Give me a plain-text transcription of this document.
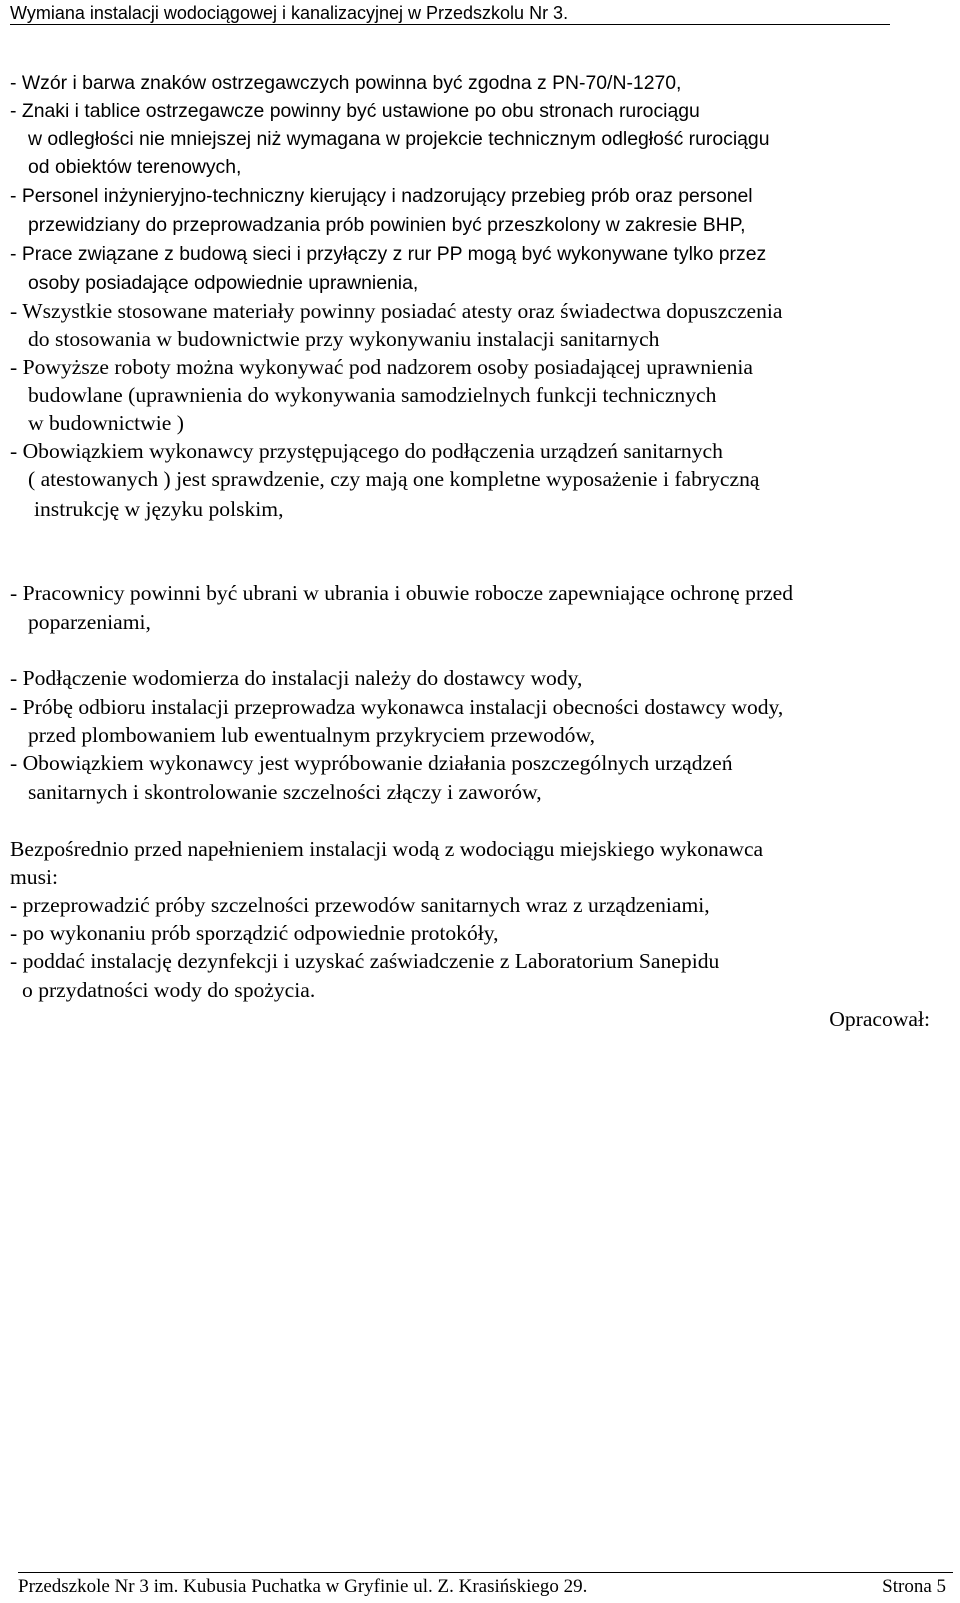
Wymiana instalacji wodociągowej i kanalizacyjnej w Przedszkolu Nr 3.
- Wzór i barwa znaków ostrzegawczych powinna być zgodna z PN-70/N-1270,
- Znaki i tablice ostrzegawcze powinny być ustawione po obu stronach rurociągu
w odległości nie mniejszej niż wymagana w projekcie technicznym odległość rurociągu
od obiektów terenowych,
- Personel inżynieryjno-techniczny kierujący i nadzorujący przebieg prób oraz personel
przewidziany do przeprowadzania prób powinien być przeszkolony w zakresie BHP,
- Prace związane z budową sieci i przyłączy z rur PP mogą być wykonywane tylko przez
osoby posiadające odpowiednie uprawnienia,
- Wszystkie stosowane materiały powinny posiadać atesty oraz świadectwa dopuszczenia
do stosowania w budownictwie przy wykonywaniu instalacji sanitarnych
- Powyższe roboty można wykonywać pod nadzorem osoby posiadającej uprawnienia
budowlane (uprawnienia do wykonywania samodzielnych funkcji technicznych
w budownictwie )
- Obowiązkiem wykonawcy przystępującego do podłączenia urządzeń sanitarnych
( atestowanych ) jest sprawdzenie, czy mają one kompletne wyposażenie i fabryczną
instrukcję w języku polskim,
- Pracownicy powinni być ubrani w ubrania i obuwie robocze zapewniające ochronę przed
poparzeniami,
- Podłączenie wodomierza do instalacji należy do dostawcy wody,
- Próbę odbioru instalacji przeprowadza wykonawca instalacji obecności dostawcy wody,
przed plombowaniem lub ewentualnym przykryciem przewodów,
- Obowiązkiem wykonawcy jest wypróbowanie działania poszczególnych urządzeń
sanitarnych i skontrolowanie szczelności złączy i zaworów,
Bezpośrednio przed napełnieniem instalacji wodą z wodociągu miejskiego wykonawca
musi:
- przeprowadzić próby szczelności przewodów sanitarnych wraz z urządzeniami,
- po wykonaniu prób sporządzić odpowiednie protokóły,
- poddać instalację dezynfekcji i uzyskać zaświadczenie z Laboratorium Sanepidu
o przydatności wody do spożycia.
Opracował:
Przedszkole Nr 3 im. Kubusia Puchatka w Gryfinie ul. Z. Krasińskiego 29.	Strona 5
